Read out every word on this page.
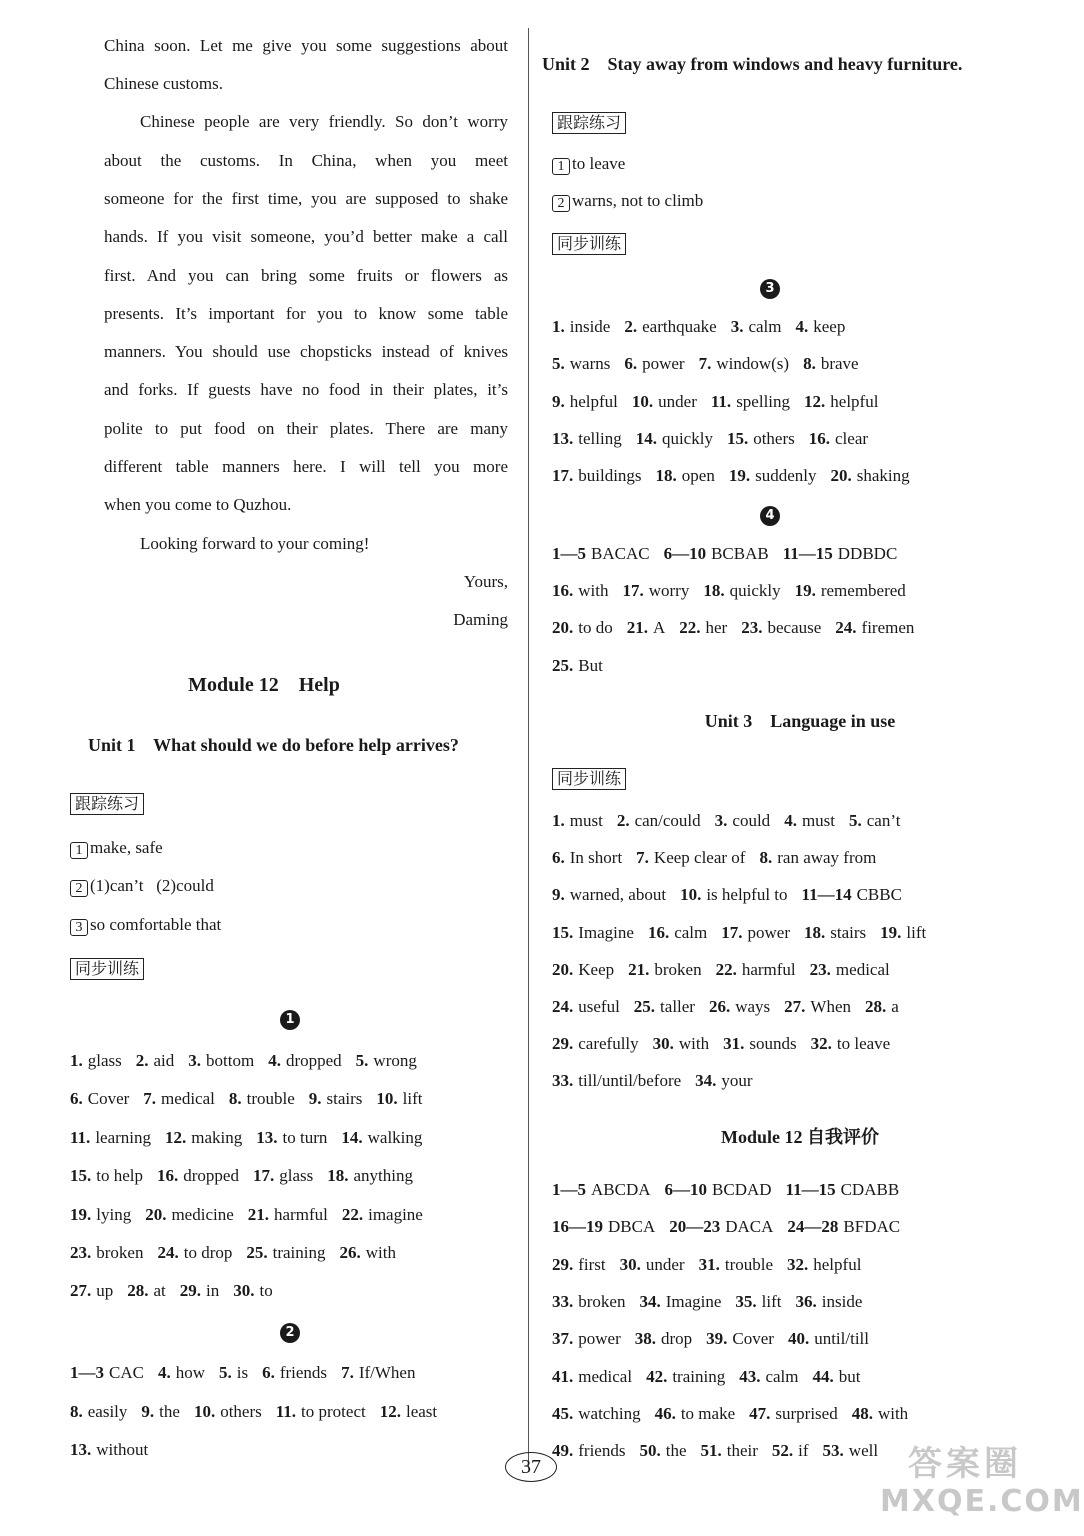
China soon. Let me give you some suggestions about
Chinese customs.
Chinese people are very friendly. So don’t worry
about the customs. In China, when you meet
someone for the first time, you are supposed to shake
hands. If you visit someone, you’d better make a call
first. And you can bring some fruits or flowers as
presents. It’s important for you to know some table
manners. You should use chopsticks instead of knives
and forks. If guests have no food in their plates, it’s
polite to put food on their plates. There are many
different table manners here. I will tell you more
when you come to Quzhou.
Looking forward to your coming!
Yours,
Daming
Module 12    Help
Unit 1    What should we do before help arrives?
跟踪练习
1 make, safe
2 (1)can’t   (2)could
3 so comfortable that
同步训练
1
1. glass 2. aid 3. bottom 4. dropped 5. wrong
6. Cover 7. medical 8. trouble 9. stairs 10. lift
11. learning 12. making 13. to turn 14. walking
15. to help 16. dropped 17. glass 18. anything
19. lying 20. medicine 21. harmful 22. imagine
23. broken 24. to drop 25. training 26. with
27. up 28. at 29. in 30. to
2
1—3 CAC 4. how 5. is 6. friends 7. If/When
8. easily 9. the 10. others 11. to protect 12. least
13. without
Unit 2    Stay away from windows and heavy furniture.
跟踪练习
1 to leave
2 warns, not to climb
同步训练
3
1. inside 2. earthquake 3. calm 4. keep
5. warns 6. power 7. window(s) 8. brave
9. helpful 10. under 11. spelling 12. helpful
13. telling 14. quickly 15. others 16. clear
17. buildings 18. open 19. suddenly 20. shaking
4
1—5 BACAC 6—10 BCBAB 11—15 DDBDC
16. with 17. worry 18. quickly 19. remembered
20. to do 21. A 22. her 23. because 24. firemen
25. But
Unit 3    Language in use
同步训练
1. must 2. can/could 3. could 4. must 5. can’t
6. In short 7. Keep clear of 8. ran away from
9. warned, about 10. is helpful to 11—14 CBBC
15. Imagine 16. calm 17. power 18. stairs 19. lift
20. Keep 21. broken 22. harmful 23. medical
24. useful 25. taller 26. ways 27. When 28. a
29. carefully 30. with 31. sounds 32. to leave
33. till/until/before 34. your
Module 12 自我评价
1—5 ABCDA 6—10 BCDAD 11—15 CDABB
16—19 DBCA 20—23 DACA 24—28 BFDAC
29. first 30. under 31. trouble 32. helpful
33. broken 34. Imagine 35. lift 36. inside
37. power 38. drop 39. Cover 40. until/till
41. medical 42. training 43. calm 44. but
45. watching 46. to make 47. surprised 48. with
49. friends 50. the 51. their 52. if 53. well
37	答案圈
MXQE.COM
